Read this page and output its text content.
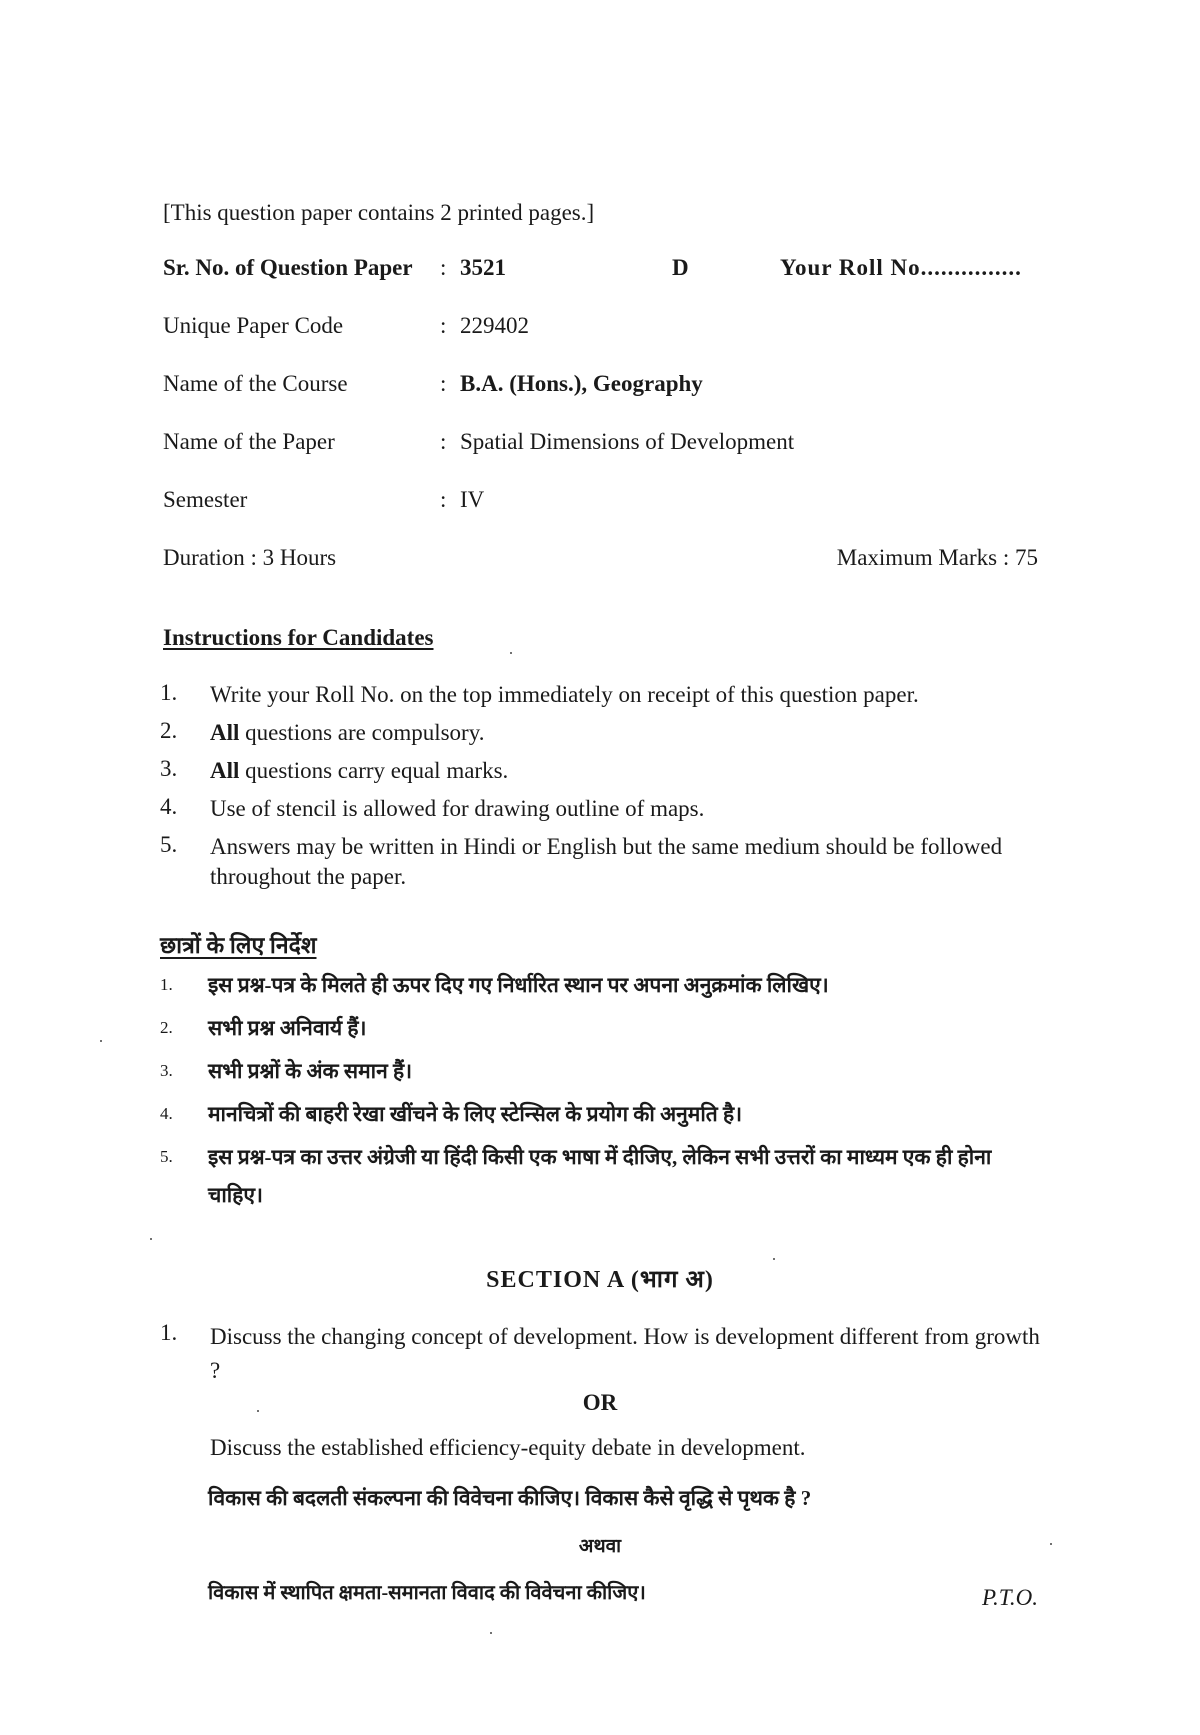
[This question paper contains 2 printed pages.]
Sr. No. of Question Paper : 3521	D	Your Roll No...............
Unique Paper Code	: 229402
Name of the Course	: B.A. (Hons.), Geography
Name of the Paper	: Spatial Dimensions of Development
Semester	: IV
Duration : 3 Hours	Maximum Marks : 75
Instructions for Candidates
1. Write your Roll No. on the top immediately on receipt of this question paper.
2. All questions are compulsory.
3. All questions carry equal marks.
4. Use of stencil is allowed for drawing outline of maps.
5. Answers may be written in Hindi or English but the same medium should be followed throughout the paper.
छात्रों के लिए निर्देश
1. इस प्रश्न-पत्र के मिलते ही ऊपर दिए गए निर्धारित स्थान पर अपना अनुक्रमांक लिखिए।
2. सभी प्रश्न अनिवार्य हैं।
3. सभी प्रश्नों के अंक समान हैं।
4. मानचित्रों की बाहरी रेखा खींचने के लिए स्टेन्सिल के प्रयोग की अनुमति है।
5. इस प्रश्न-पत्र का उत्तर अंग्रेजी या हिंदी किसी एक भाषा में दीजिए, लेकिन सभी उत्तरों का माध्यम एक ही होना चाहिए।
SECTION A (भाग अ)
1. Discuss the changing concept of development. How is development different from growth ?
OR
Discuss the established efficiency-equity debate in development.
विकास की बदलती संकल्पना की विवेचना कीजिए। विकास कैसे वृद्धि से पृथक है ?
अथवा
विकास में स्थापित क्षमता-समानता विवाद की विवेचना कीजिए।	P.T.O.
